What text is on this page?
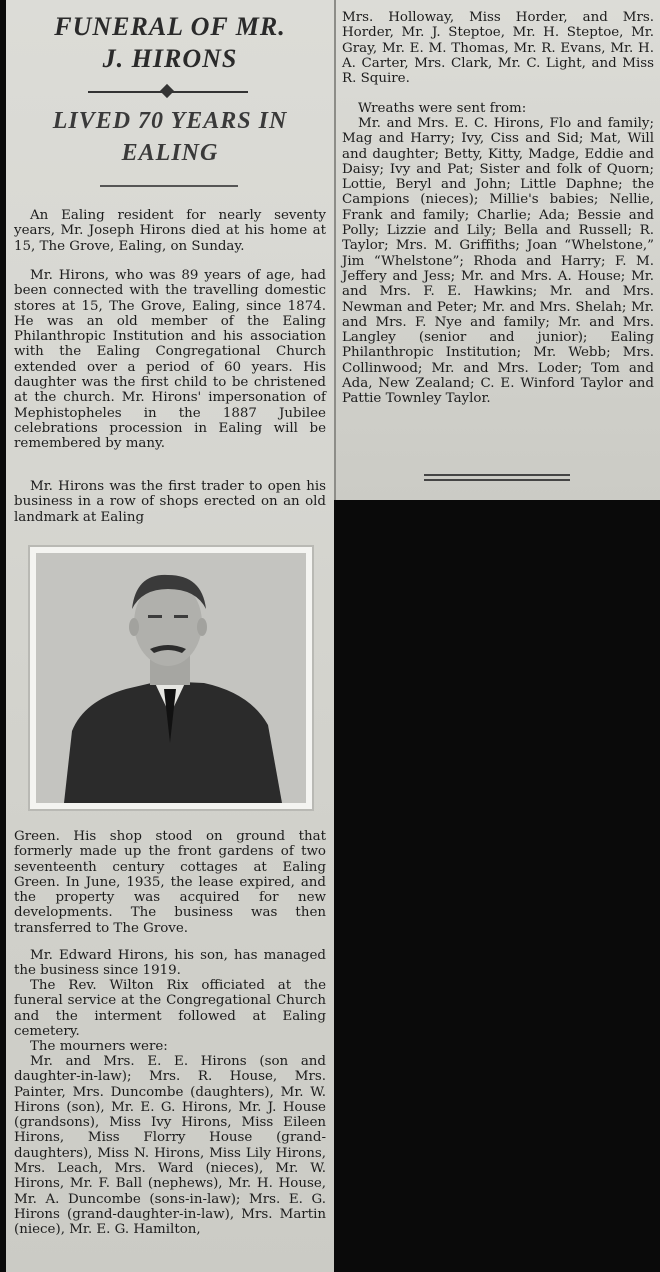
FUNERAL OF MR.
J. HIRONS
LIVED 70 YEARS IN
EALING

An Ealing resident for nearly seventy years, Mr. Joseph Hirons died at his home at 15, The Grove, Ealing, on Sunday.

Mr. Hirons, who was 89 years of age, had been connected with the travelling domestic stores at 15, The Grove, Ealing, since 1874. He was an old member of the Ealing Philanthropic Institution and his association with the Ealing Congregational Church extended over a period of 60 years. His daughter was the first child to be christened at the church. Mr. Hirons' impersonation of Mephistopheles in the 1887 Jubilee celebrations procession in Ealing will be remembered by many.

Mr. Hirons was the first trader to open his business in a row of shops erected on an old landmark at Ealing

Green. His shop stood on ground that formerly made up the front gardens of two seventeenth century cottages at Ealing Green. In June, 1935, the lease expired, and the property was acquired for new developments. The business was then transferred to The Grove.

Mr. Edward Hirons, his son, has managed the business since 1919.

The Rev. Wilton Rix officiated at the funeral service at the Congregational Church and the interment followed at Ealing cemetery.

The mourners were:

Mr. and Mrs. E. E. Hirons (son and daughter-in-law); Mrs. R. House, Mrs. Painter, Mrs. Duncombe (daughters), Mr. W. Hirons (son), Mr. E. G. Hirons, Mr. J. House (grandsons), Miss Ivy Hirons, Miss Eileen Hirons, Miss Florry House (grand-daughters), Miss N. Hirons, Miss Lily Hirons, Mrs. Leach, Mrs. Ward (nieces), Mr. W. Hirons, Mr. F. Ball (nephews), Mr. H. House, Mr. A. Duncombe (sons-in-law); Mrs. E. G. Hirons (grand-daughter-in-law), Mrs. Martin (niece), Mr. E. G. Hamilton,

Mrs. Holloway, Miss Horder, and Mrs. Horder, Mr. J. Steptoe, Mr. H. Steptoe, Mr. Gray, Mr. E. M. Thomas, Mr. R. Evans, Mr. H. A. Carter, Mrs. Clark, Mr. C. Light, and Miss R. Squire.

Wreaths were sent from:

Mr. and Mrs. E. C. Hirons, Flo and family; Mag and Harry; Ivy, Ciss and Sid; Mat, Will and daughter; Betty, Kitty, Madge, Eddie and Daisy; Ivy and Pat; Sister and folk of Quorn; Lottie, Beryl and John; Little Daphne; the Campions (nieces); Millie's babies; Nellie, Frank and family; Charlie; Ada; Bessie and Polly; Lizzie and Lily; Bella and Russell; R. Taylor; Mrs. M. Griffiths; Joan “Whelstone,” Jim “Whelstone”; Rhoda and Harry; F. M. Jeffery and Jess; Mr. and Mrs. A. House; Mr. and Mrs. F. E. Hawkins; Mr. and Mrs. Newman and Peter; Mr. and Mrs. Shelah; Mr. and Mrs. F. Nye and family; Mr. and Mrs. Langley (senior and junior); Ealing Philanthropic Institution; Mr. Webb; Mrs. Collinwood; Mr. and Mrs. Loder; Tom and Ada, New Zealand; C. E. Winford Taylor and Pattie Townley Taylor.
